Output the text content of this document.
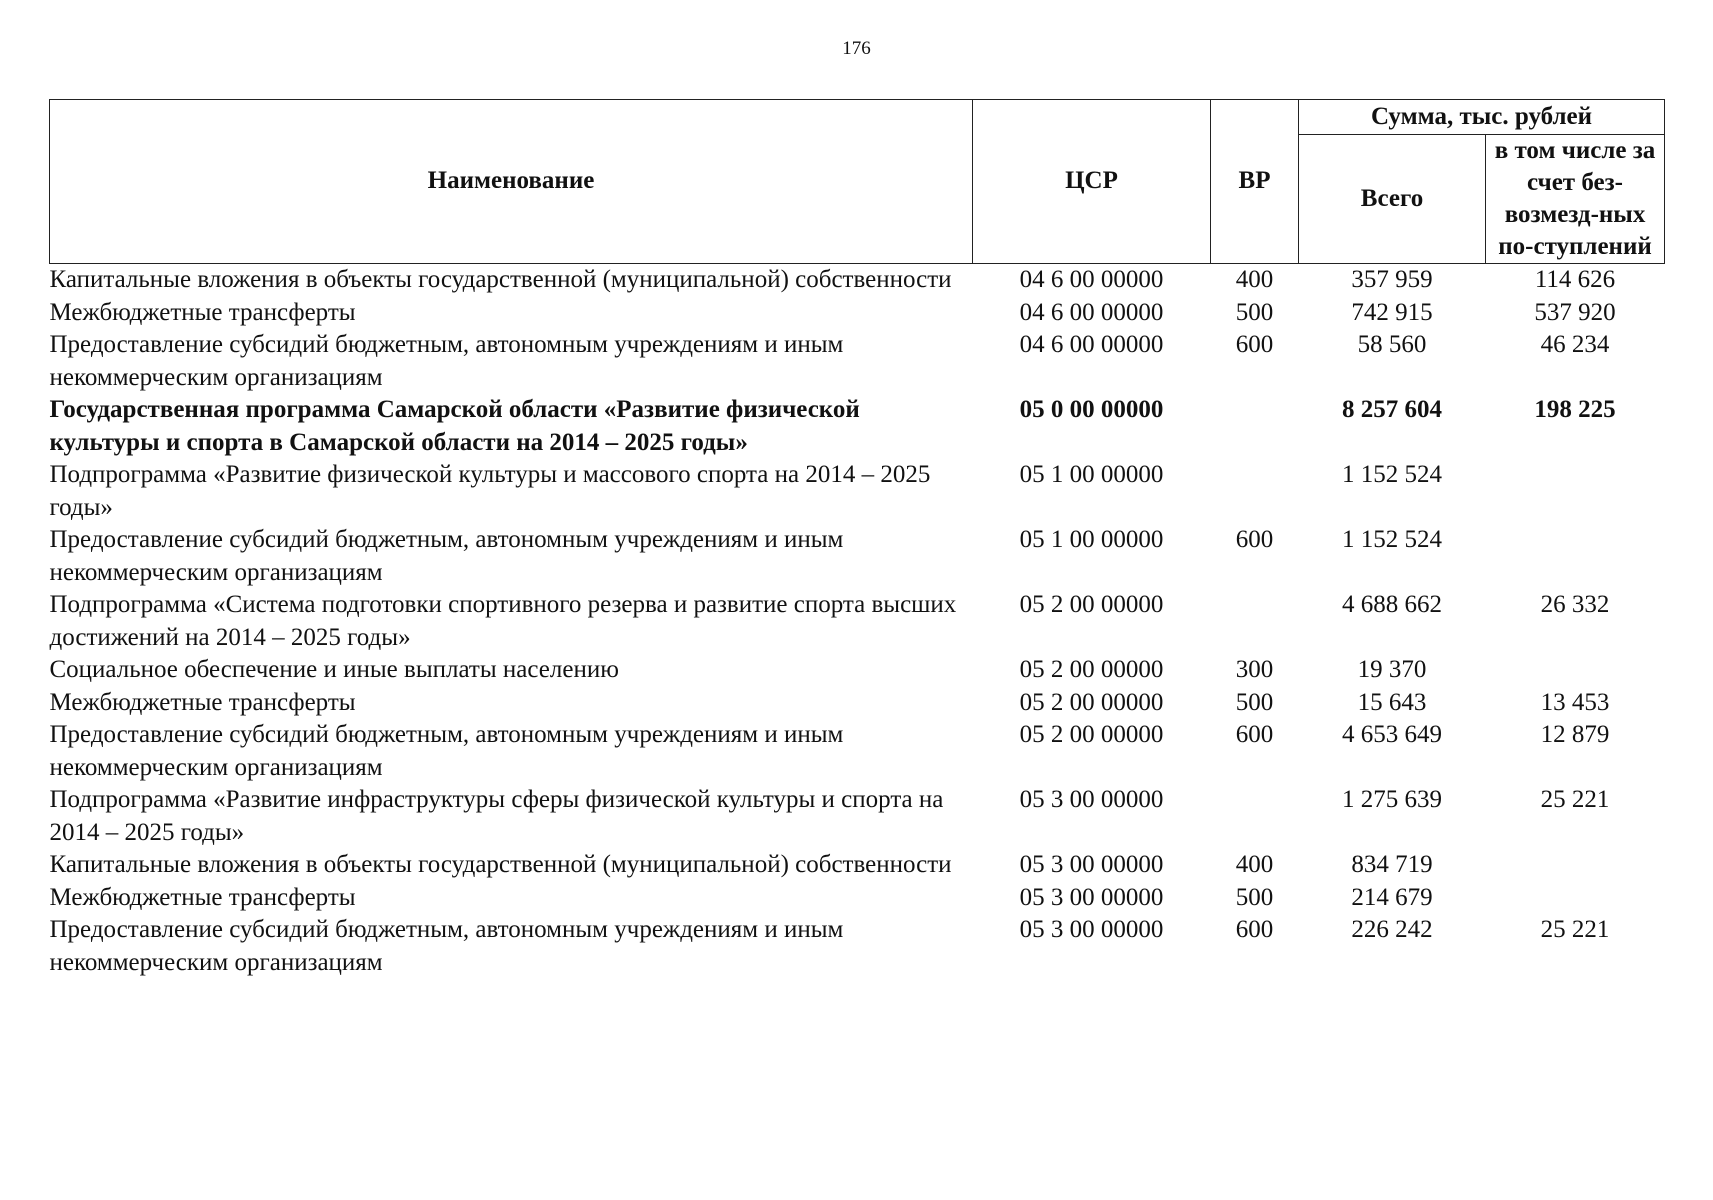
176
Наименование	ЦСР	ВР	Сумма, тыс. рублей	
			Всего	в том числе за счет без-возмезд-ных по-ступлений
Капитальные вложения в объекты государственной (муниципальной) собственности	04 6 00 00000	400	357 959	114 626
Межбюджетные трансферты	04 6 00 00000	500	742 915	537 920
Предоставление субсидий бюджетным, автономным учреждениям и иным некоммерческим организациям	04 6 00 00000	600	58 560	46 234
Государственная программа Самарской области «Развитие физической культуры и спорта в Самарской области на 2014 – 2025 годы»	05 0 00 00000		8 257 604	198 225
Подпрограмма «Развитие физической культуры и массового спорта на 2014 – 2025 годы»	05 1 00 00000		1 152 524	
Предоставление субсидий бюджетным, автономным учреждениям и иным некоммерческим организациям	05 1 00 00000	600	1 152 524	
Подпрограмма «Система подготовки спортивного резерва и развитие спорта высших достижений на 2014 – 2025 годы»	05 2 00 00000		4 688 662	26 332
Социальное обеспечение и иные выплаты населению	05 2 00 00000	300	19 370	
Межбюджетные трансферты	05 2 00 00000	500	15 643	13 453
Предоставление субсидий бюджетным, автономным учреждениям и иным некоммерческим организациям	05 2 00 00000	600	4 653 649	12 879
Подпрограмма «Развитие инфраструктуры сферы физической культуры и спорта на 2014 – 2025 годы»	05 3 00 00000		1 275 639	25 221
Капитальные вложения в объекты государственной (муниципальной) собственности	05 3 00 00000	400	834 719	
Межбюджетные трансферты	05 3 00 00000	500	214 679	
Предоставление субсидий бюджетным, автономным учреждениям и иным некоммерческим организациям	05 3 00 00000	600	226 242	25 221
